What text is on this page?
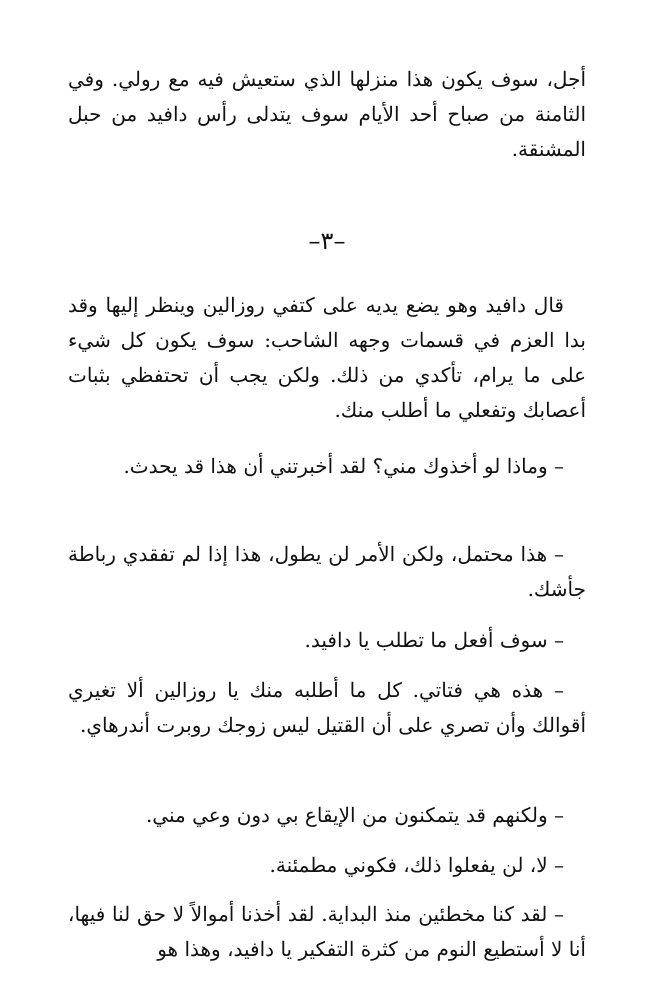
أجل، سوف يكون هذا منزلها الذي ستعيش فيه مع رولي. وفي الثامنة من صباح أحد الأيام سوف يتدلى رأس دافيد من حبل المشنقة.

–٣–

قال دافيد وهو يضع يديه على كتفي روزالين وينظر إليها وقد بدا العزم في قسمات وجهه الشاحب: سوف يكون كل شيء على ما يرام، تأكدي من ذلك. ولكن يجب أن تحتفظي بثبات أعصابك وتفعلي ما أطلب منك.

– وماذا لو أخذوك مني؟ لقد أخبرتني أن هذا قد يحدث.

– هذا محتمل، ولكن الأمر لن يطول، هذا إذا لم تفقدي رباطة جأشك.

– سوف أفعل ما تطلب يا دافيد.

– هذه هي فتاتي. كل ما أطلبه منك يا روزالين ألا تغيري أقوالك وأن تصري على أن القتيل ليس زوجك روبرت أندرهاي.

– ولكنهم قد يتمكنون من الإيقاع بي دون وعي مني.

– لا، لن يفعلوا ذلك، فكوني مطمئنة.

– لقد كنا مخطئين منذ البداية. لقد أخذنا أموالاً لا حق لنا فيها، أنا لا أستطيع النوم من كثرة التفكير يا دافيد، وهذا هو
